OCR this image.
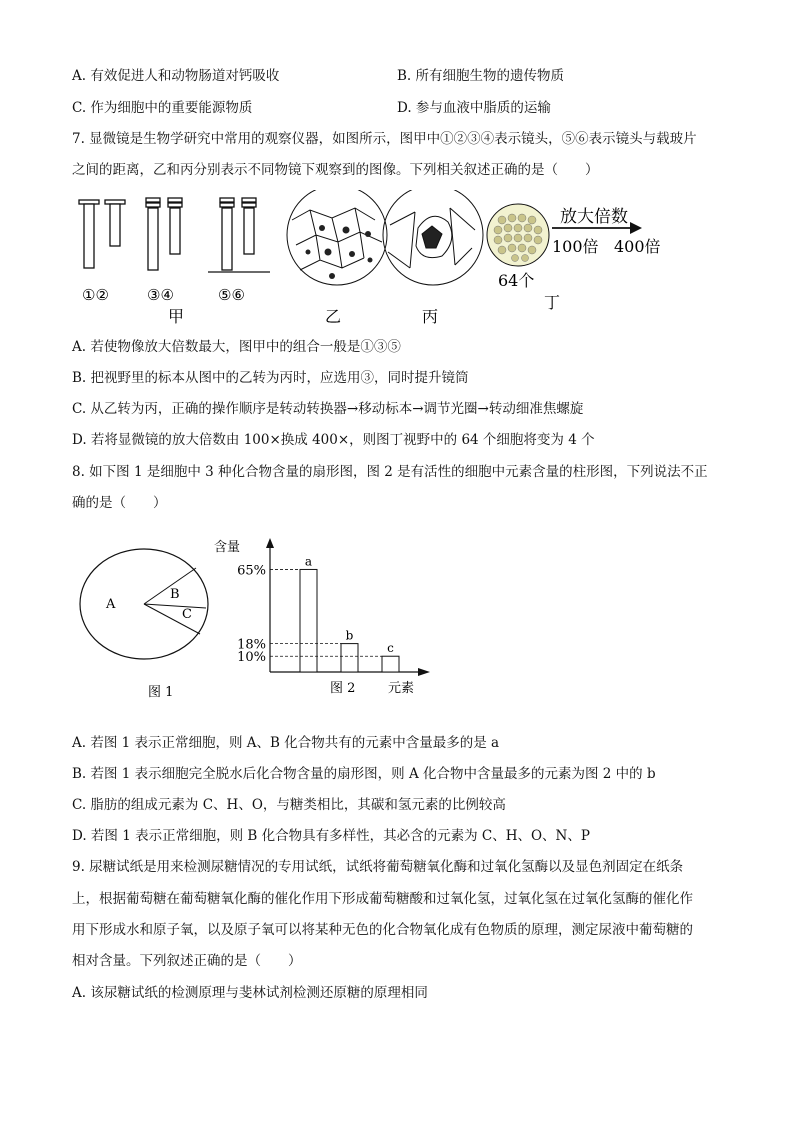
A. 有效促进人和动物肠道对钙吸收	B. 所有细胞生物的遗传物质
C. 作为细胞中的重要能源物质	D. 参与血液中脂质的运输
7. 显微镜是生物学研究中常用的观察仪器，如图所示，图甲中①②③④表示镜头，⑤⑥表示镜头与载玻片
之间的距离，乙和丙分别表示不同物镜下观察到的图像。下列相关叙述正确的是（　　）
①②	③④	⑤⑥
甲	乙	丙
64个
丁
放大倍数
100倍 400倍
A. 若使物像放大倍数最大，图甲中的组合一般是①③⑤
B. 把视野里的标本从图中的乙转为丙时，应选用③，同时提升镜筒
C. 从乙转为丙，正确的操作顺序是转动转换器→移动标本→调节光圈→转动细准焦螺旋
D. 若将显微镜的放大倍数由 100×换成 400×，则图丁视野中的 64 个细胞将变为 4 个
8. 如下图 1 是细胞中 3 种化合物含量的扇形图，图 2 是有活性的细胞中元素含量的柱形图，下列说法不正
确的是（　　）
A
B
C
图 1
含量
65%
a
18%
b
10%
c
元素
图 2
A. 若图 1 表示正常细胞，则 A、B 化合物共有的元素中含量最多的是 a
B. 若图 1 表示细胞完全脱水后化合物含量的扇形图，则 A 化合物中含量最多的元素为图 2 中的 b
C. 脂肪的组成元素为 C、H、O，与糖类相比，其碳和氢元素的比例较高
D. 若图 1 表示正常细胞，则 B 化合物具有多样性，其必含的元素为 C、H、O、N、P
9. 尿糖试纸是用来检测尿糖情况的专用试纸，试纸将葡萄糖氧化酶和过氧化氢酶以及显色剂固定在纸条
上，根据葡萄糖在葡萄糖氧化酶的催化作用下形成葡萄糖酸和过氧化氢，过氧化氢在过氧化氢酶的催化作
用下形成水和原子氧，以及原子氧可以将某种无色的化合物氧化成有色物质的原理，测定尿液中葡萄糖的
相对含量。下列叙述正确的是（　　）
A. 该尿糖试纸的检测原理与斐林试剂检测还原糖的原理相同
